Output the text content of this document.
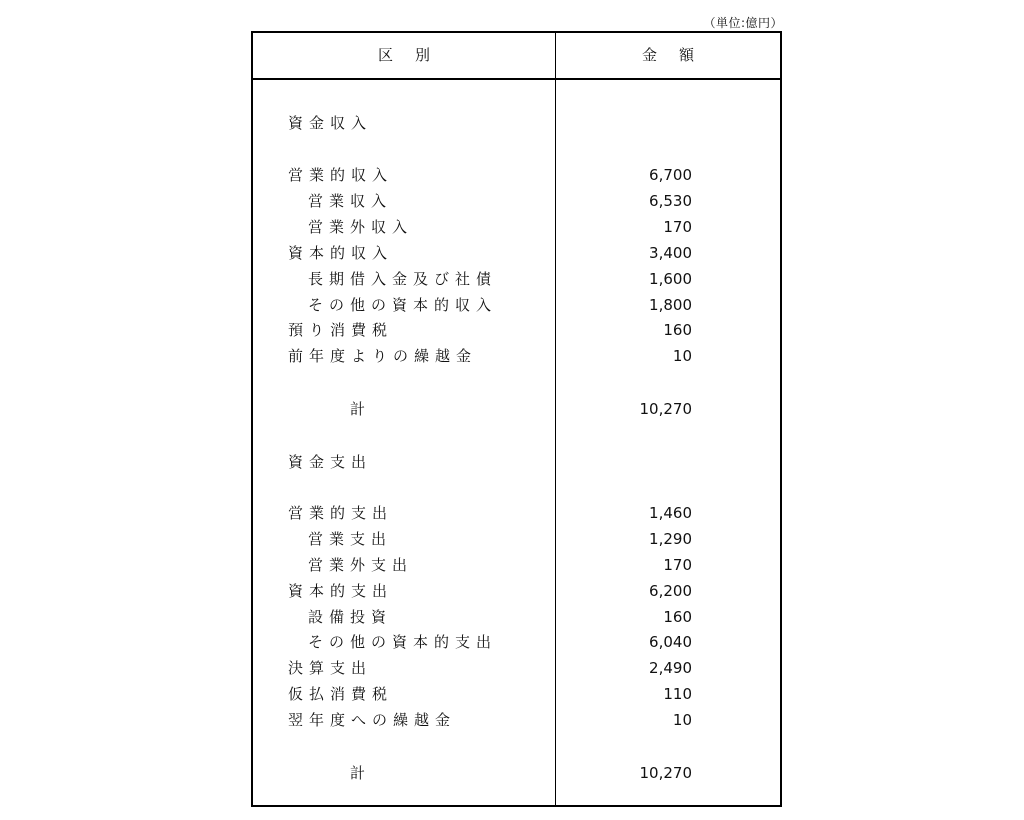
（単位:億円）
区別	金額
資金収入
営業的収入	6,700
営業収入	6,530
営業外収入	170
資本的収入	3,400
長期借入金及び社債	1,600
その他の資本的収入	1,800
預り消費税	160
前年度よりの繰越金	10
計	10,270
資金支出
営業的支出	1,460
営業支出	1,290
営業外支出	170
資本的支出	6,200
設備投資	160
その他の資本的支出	6,040
決算支出	2,490
仮払消費税	110
翌年度への繰越金	10
計	10,270
